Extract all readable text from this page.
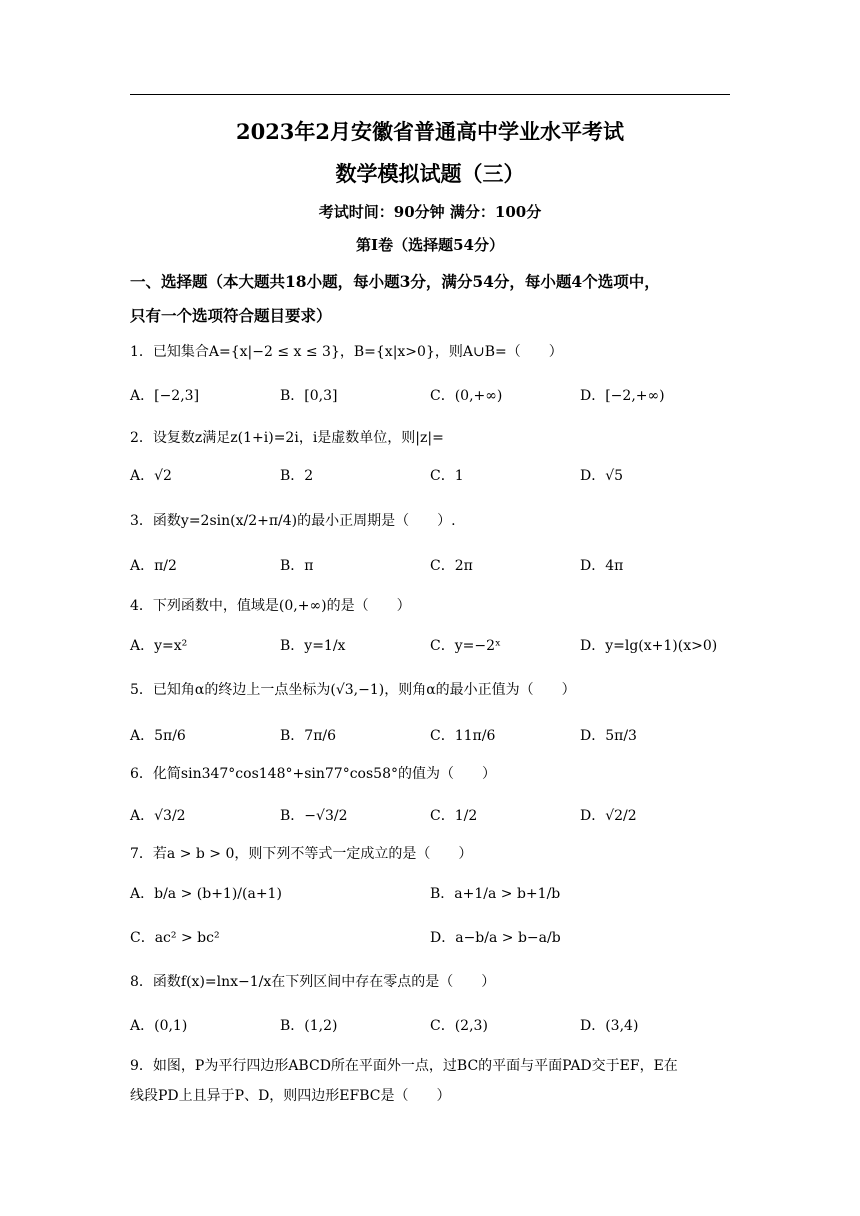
2023年2月安徽省普通高中学业水平考试
数学模拟试题（三）
考试时间：90分钟 满分：100分
第Ⅰ卷（选择题54分）
一、选择题（本大题共18小题，每小题3分，满分54分，每小题4个选项中，
只有一个选项符合题目要求）
1．已知集合A={x|−2 ≤ x ≤ 3}，B={x|x>0}，则A∪B=（　　）
A．[−2,3]	B．[0,3]	C．(0,+∞)	D．[−2,+∞)
2．设复数z满足z(1+i)=2i，i是虚数单位，则|z|=
A．√2	B．2	C．1	D．√5
3．函数y=2sin(x/2+π/4)的最小正周期是（　　）.
A．π/2	B．π	C．2π	D．4π
4．下列函数中，值域是(0,+∞)的是（　　）
A．y=x²	B．y=1/x	C．y=−2ˣ	D．y=lg(x+1)(x>0)
5．已知角α的终边上一点坐标为(√3,−1)，则角α的最小正值为（　　）
A．5π/6	B．7π/6	C．11π/6	D．5π/3
6．化简sin347°cos148°+sin77°cos58°的值为（　　）
A．√3/2	B．−√3/2	C．1/2	D．√2/2
7．若a > b > 0，则下列不等式一定成立的是（　　）
A．b/a > (b+1)/(a+1)	B．a+1/a > b+1/b
C．ac² > bc²	D．a−b/a > b−a/b
8．函数f(x)=lnx−1/x在下列区间中存在零点的是（　　）
A．(0,1)	B．(1,2)	C．(2,3)	D．(3,4)
9．如图，P为平行四边形ABCD所在平面外一点，过BC的平面与平面PAD交于EF，E在
线段PD上且异于P、D，则四边形EFBC是（　　）
